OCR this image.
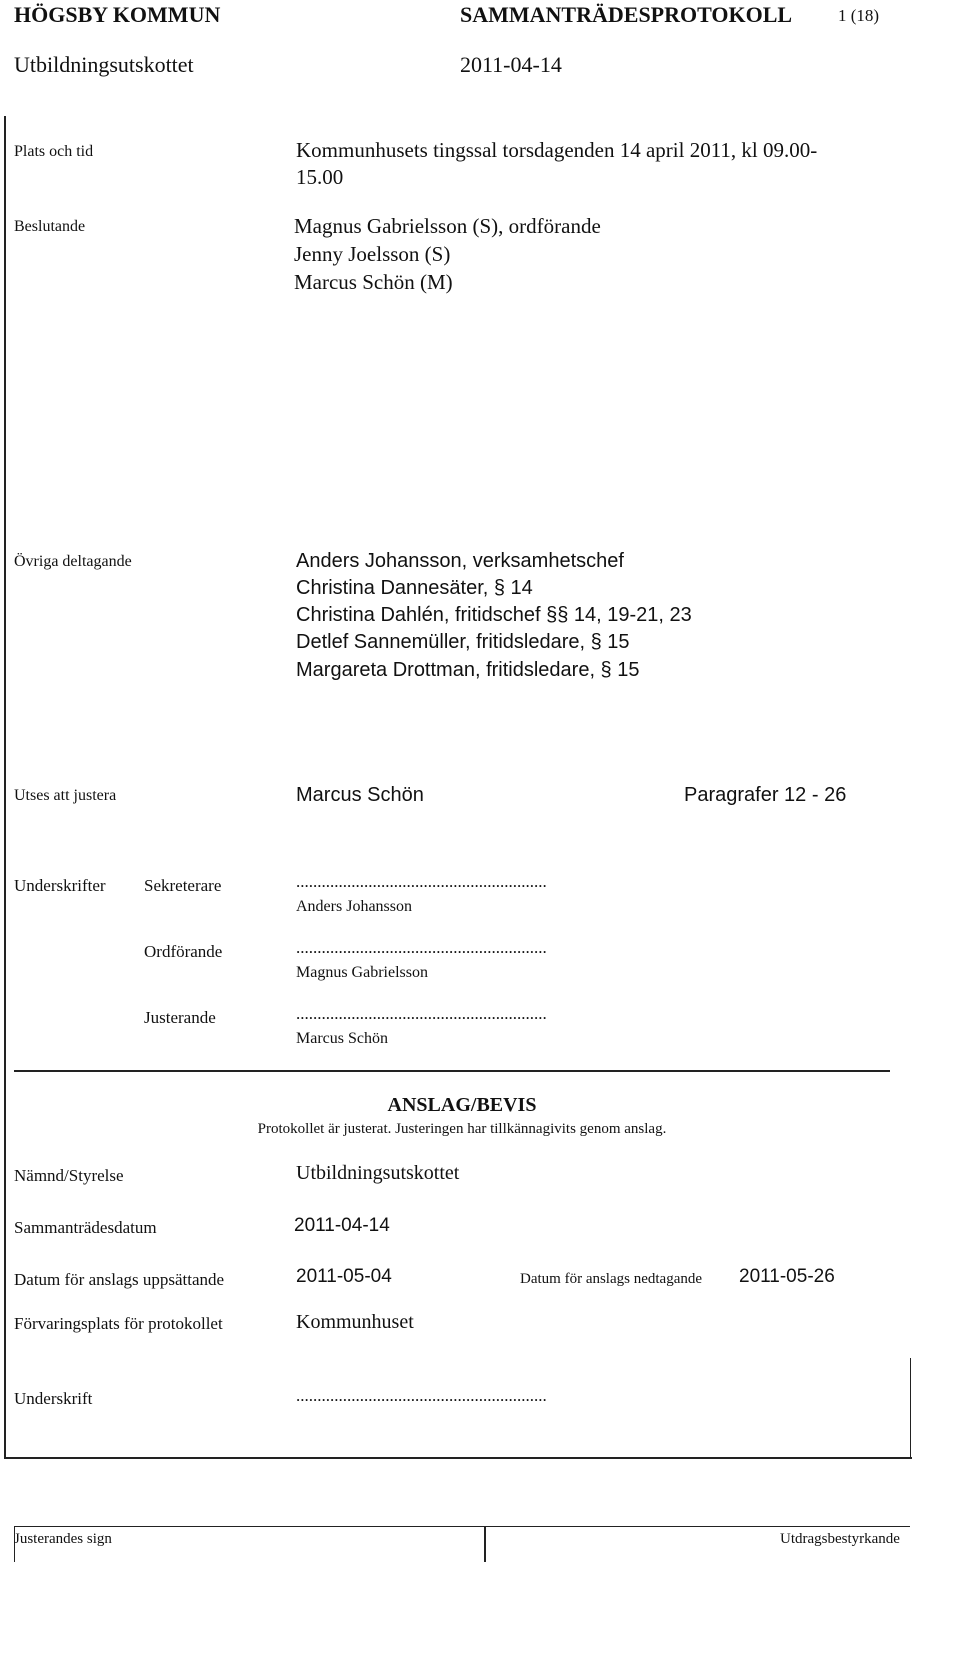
HÖGSBY KOMMUN	SAMMANTRÄDESPROTOKOLL	1 (18)
Utbildningsutskottet	2011-04-14
Plats och tid	Kommunhusets tingssal torsdagenden 14 april 2011, kl 09.00-
15.00
Beslutande	Magnus Gabrielsson (S), ordförande
Jenny Joelsson (S)
Marcus Schön (M)
Övriga deltagande	Anders Johansson, verksamhetschef
Christina Dannesäter, § 14
Christina Dahlén, fritidschef §§ 14, 19-21, 23
Detlef Sannemüller, fritidsledare, § 15
Margareta Drottman, fritidsledare, § 15
Utses att justera	Marcus Schön	Paragrafer 12 - 26
Underskrifter Sekreterare	...........................................................
Anders Johansson
Ordförande	...........................................................
Magnus Gabrielsson
Justerande	...........................................................
Marcus Schön
ANSLAG/BEVIS
Protokollet är justerat. Justeringen har tillkännagivits genom anslag.
Nämnd/Styrelse	Utbildningsutskottet
Sammanträdesdatum	2011-04-14
Datum för anslags uppsättande	2011-05-04	Datum för anslags nedtagande 2011-05-26
Förvaringsplats för protokollet	Kommunhuset
Underskrift	...........................................................
Justerandes sign	Utdragsbestyrkande
